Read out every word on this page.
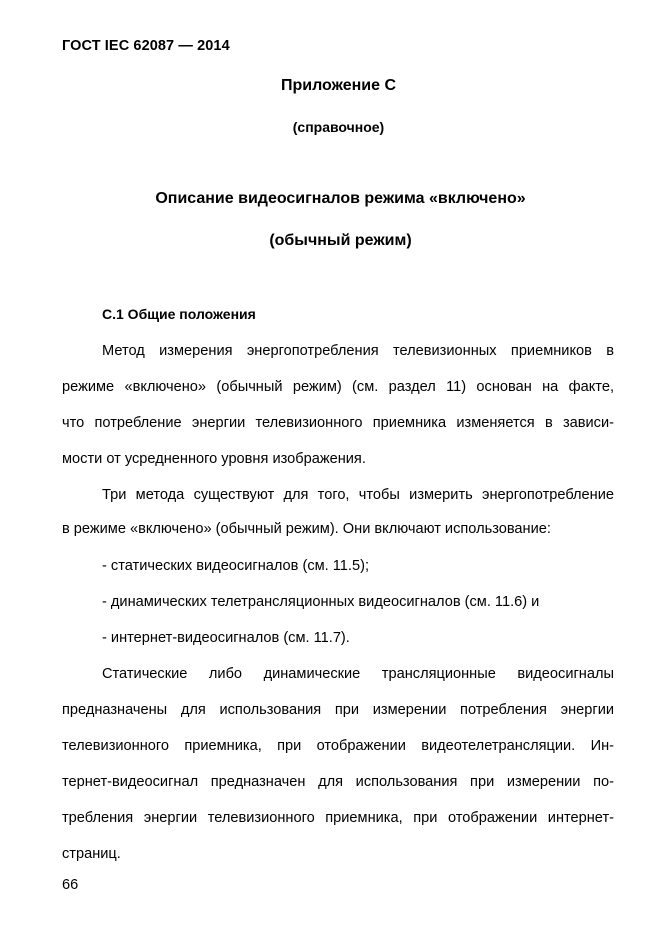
ГОСТ IEC 62087 — 2014
Приложение С
(справочное)
Описание видеосигналов режима «включено»
(обычный режим)
С.1 Общие положения
Метод измерения энергопотребления телевизионных приемников в
режиме «включено» (обычный режим) (см. раздел 11) основан на факте,
что потребление энергии телевизионного приемника изменяется в зависи-
мости от усредненного уровня изображения.
Три метода существуют для того, чтобы измерить энергопотребление
в режиме «включено» (обычный режим). Они включают использование:
- статических видеосигналов (см. 11.5);
- динамических телетрансляционных видеосигналов (см. 11.6) и
- интернет-видеосигналов (см. 11.7).
Статические либо динамические трансляционные видеосигналы
предназначены для использования при измерении потребления энергии
телевизионного приемника, при отображении видеотелетрансляции. Ин-
тернет-видеосигнал предназначен для использования при измерении по-
требления энергии телевизионного приемника, при отображении интернет-
страниц.
66
